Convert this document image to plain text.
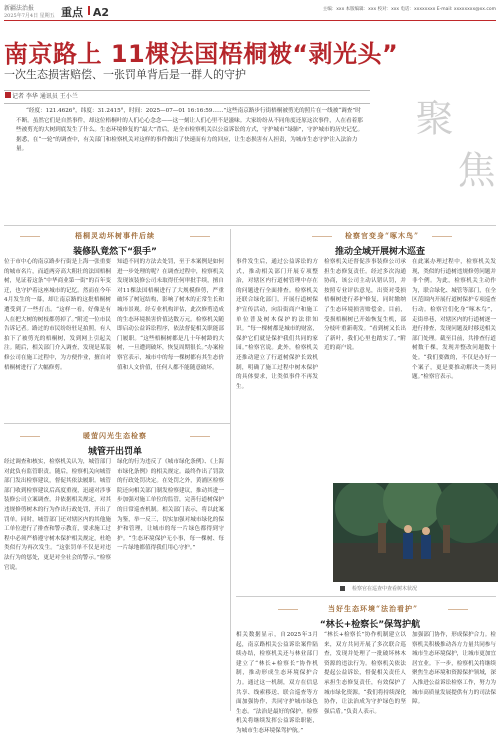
新疆法治报
2025年7月4日 星期五 重点 A2	主编：xxx 本版编辑：xxx 校对：xxx 电话：xxxxxxxx E-mail: xxxxxxxx@xx.com
南京路上 11棵法国梧桐被“剥光头”
一次生态损害赔偿、一张罚单背后是一群人的守护
记者 李华 通讯员 王小兰
“经度：121.4626°，纬度：31.2415°，时间：2025—07—01 16:16:59……”这些南京路步行街梧桐被剪光的照片在一线被“调查”时不断。虽然它们是自然事件，却这位梧桐叶的人们心心念念——这一刻让人们心里不是滋味。大家纷纷从不同角度还原这次事件，人在看着那些被剪光的大树到底发生了什么。生态环境修复的“最大”背后，是全市检察机关以公益诉讼的方式，守护城市“绿肺”，守护城市的历史记忆。据悉，在“一轮”的调查中，有关部门和检察机关对这样的事件做出了快速而有力的回应，让生态损害有人担责，为城市生态守护注入法治力量。
聚
焦
梧桐灵动坏树事件后续
装修队竟然下“狠手”
位于市中心的南京路步行街是上海一张重要的城市名片，而道两旁高大粗壮的法国梧桐树，见证着这条“中华商业第一街”的百年变迁，也守护着这座城市的记忆。然而在今年4月发生的一幕，却让南京路的这批梧桐树遭受到了一些打击。“这样一看，好像是有人在把大树的树枝都剪掉了。”附近一位市民告诉记者。路过的市民纷纷驻足拍照，有人拍下了被剪光的梧桐树，发到网上引起关注。随后，相关部门介入调查，发现是某装修公司在施工过程中，为方便作业，擅自对梧桐树进行了大幅修剪。
知道不同的方法去处罚，至于本案例是如何进一步处理的呢？在调查过程中，检察机关发现该装修公司未取得任何审批手续，擅自对11棵法国梧桐进行了大规模修剪，严重破坏了树冠结构，影响了树木的正常生长和城市景观。经专业机构评估，此次修剪造成的生态环境损害价值达数万元。检察机关随即启动公益诉讼程序，依法督促相关职能部门履职。“这些梧桐树都是几十年树龄的大树，一旦遭到破坏，恢复周期很长。”办案检察官表示，城市中的每一棵树都有其生态价值和人文价值，任何人都不能随意破坏。
检察官变身“啄木鸟”
推动全域开展树木巡查
事件发生后，通过公益诉讼的方式，推动相关部门开展专项整治，对辖区内行道树管理中存在的问题进行全面排查。检察机关还联合绿化部门，开展行道树保护宣传活动，向沿街商户和施工单位普及树木保护的法律知识。“每一棵树都是城市的财富，保护它们就是保护我们共同的家园。”检察官说。此外，检察机关还推动建立了行道树保护长效机制，明确了施工过程中树木保护的具体要求，让类似事件不再发生。
检察机关还督促涉事装修公司承担生态修复责任。经过多次沟通协商，该公司主动认错认罚，并按照专业评估意见，出资对受损梧桐树进行养护修复，同时缴纳了生态环境损害赔偿金。目前，受损梧桐树已开始恢复生机，部分枝叶重新萌发。“看到树又长出了新叶，我们心里也踏实了。”附近的商户说。
在此案办理过程中，检察机关发现，类似的行道树违规修剪问题并非个例。为此，检察机关主动作为，联合绿化、城管等部门，在全区范围内开展行道树保护专项巡查行动。检察官们化身“啄木鸟”，走街串巷，对辖区内的行道树逐一进行排查，发现问题及时移送相关部门处理。截至目前，共排查行道树数千棵，发现并整改问题数十处。“我们要做的，不仅是办好一个案子，更是要推动解决一类问题。”检察官表示。
暖萤闪光生态检察
城管开出罚单
经过调查和核实，检察机关认为，城管部门对此负有监管职责。随后，检察机关向城管部门发出检察建议，督促其依法履职。城管部门收到检察建议后高度重视，迅速对涉事装修公司立案调查，并依据相关规定，对其违规修剪树木的行为作出行政处罚，开出了罚单。同时，城管部门还对辖区内的其他施工单位进行了排查和警示教育，要求施工过程中必须严格遵守树木保护相关规定，杜绝类似行为再次发生。“这张罚单不仅是对违法行为的惩处，更是对全社会的警示。”检察官说。
绿化的行为违反了《城市绿化条例》、《上海市绿化条例》的相关规定。最终作出了罚款的行政处罚决定。在处罚之外，黄浦区检察院还向相关部门制发检察建议，推动其进一步加强对施工单位的监管，完善行道树保护的日常巡查机制。相关部门表示，将以此案为鉴，举一反三，切实加强对城市绿化的保护和管理，让城市的每一片绿色都得到守护。“生态环境保护无小事，每一棵树、每一片绿地都值得我们用心守护。”
检察官在巡查中查看树木状况
当好生态环境“法治看护”
“林长+检察长”保驾护航
相关数据显示，自2025年3月起，南京路相关公益诉讼案件陆续办结，检察机关还与林业部门建立了“林长+检察长”协作机制，推动形成生态环境保护合力。通过这一机制，双方在信息共享、线索移送、联合巡查等方面加强协作，共同守护城市绿色生态。“法治是最好的保护，检察机关将继续发挥公益诉讼职能，为城市生态环境保驾护航。”
“林长+检察长”协作机制建立以来，双方共同开展了多次联合巡查，发现并处理了一批破坏林木资源的违法行为。检察机关依法提起公益诉讼，督促相关责任人承担生态修复责任，有效保护了城市绿化资源。“我们将持续深化协作，让法治成为守护绿色的坚强后盾。”负责人表示。
加强部门协作，形成保护合力。检察机关积极推动各方力量共同参与城市生态环境保护，让城市更加宜居宜业。下一步，检察机关将继续聚焦生态环境和资源保护领域，深入推进公益诉讼检察工作，努力为城市高质量发展提供有力的司法保障。
